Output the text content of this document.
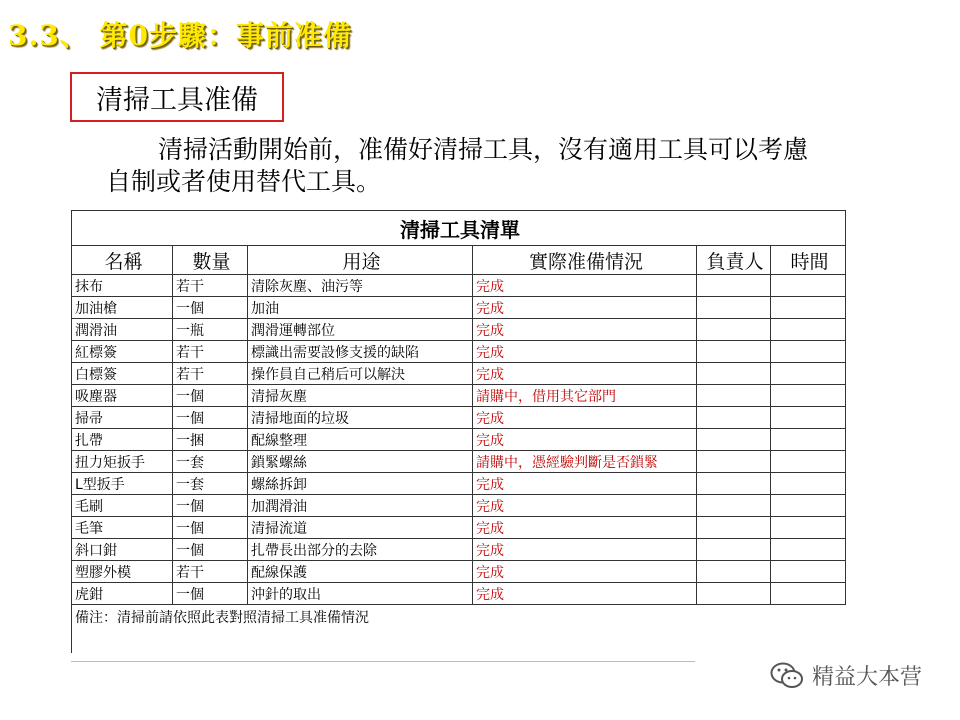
3.3、 第0步驟：事前准備
清掃工具准備
清掃活動開始前，准備好清掃工具，沒有適用工具可以考慮
自制或者使用替代工具。
清掃工具清單					
名稱	數量	用途	實際准備情況	負責人	時間
抹布	若干	清除灰塵、油污等	完成		
加油槍	一個	加油	完成		
潤滑油	一瓶	潤滑運轉部位	完成		
紅標簽	若干	標識出需要設修支援的缺陷	完成		
白標簽	若干	操作員自己稍后可以解決	完成		
吸塵器	一個	清掃灰塵	請購中，借用其它部門		
掃帚	一個	清掃地面的垃圾	完成		
扎帶	一捆	配線整理	完成		
扭力矩扳手	一套	鎖緊螺絲	請購中，憑經驗判斷是否鎖緊		
L型扳手	一套	螺絲拆卸	完成		
毛刷	一個	加潤滑油	完成		
毛筆	一個	清掃流道	完成		
斜口鉗	一個	扎帶長出部分的去除	完成		
塑膠外模	若干	配線保護	完成		
虎鉗	一個	沖針的取出	完成		
備注：清掃前請依照此表對照清掃工具准備情況					
精益大本营
